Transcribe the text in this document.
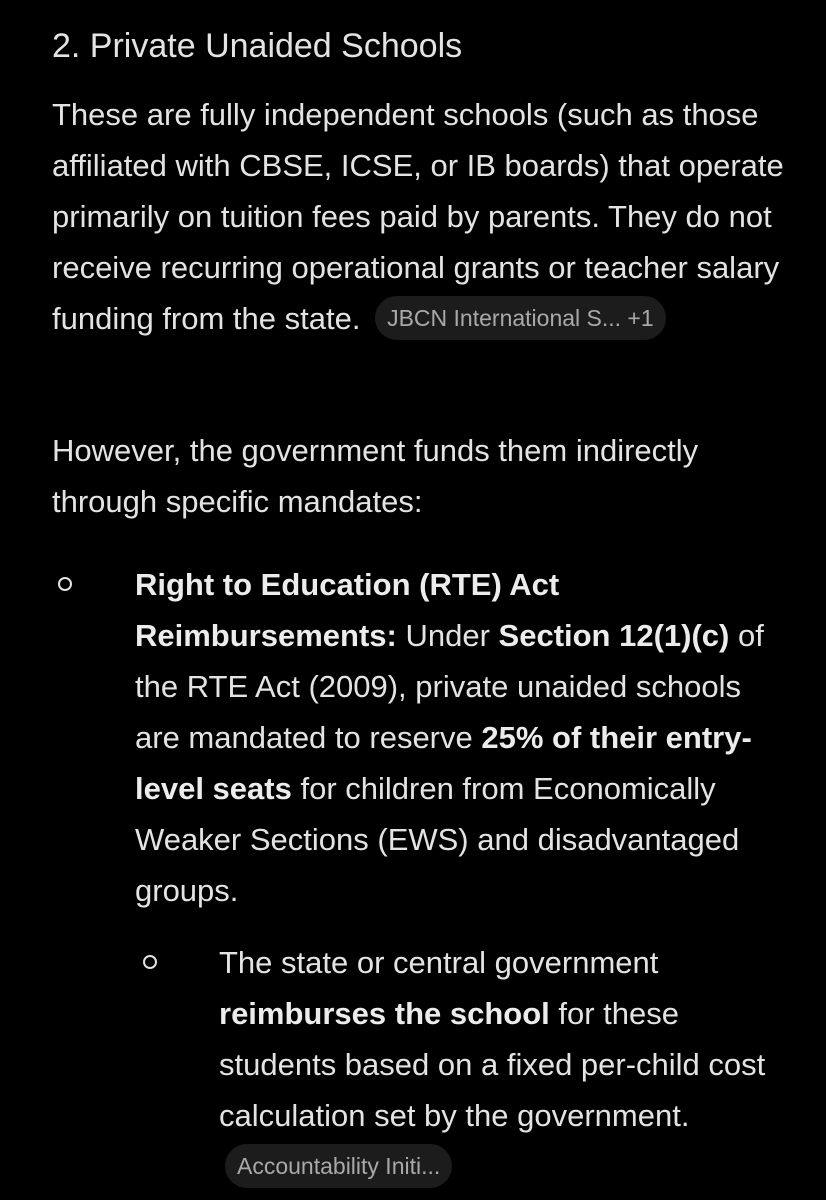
2. Private Unaided Schools

These are fully independent schools (such as those affiliated with CBSE, ICSE, or IB boards) that operate primarily on tuition fees paid by parents. They do not receive recurring operational grants or teacher salary funding from the state. JBCN International S... +1

However, the government funds them indirectly through specific mandates:

Right to Education (RTE) Act Reimbursements: Under Section 12(1)(c) of the RTE Act (2009), private unaided schools are mandated to reserve 25% of their entry-level seats for children from Economically Weaker Sections (EWS) and disadvantaged groups.

The state or central government reimburses the school for these students based on a fixed per-child cost calculation set by the government. Accountability Initi...
